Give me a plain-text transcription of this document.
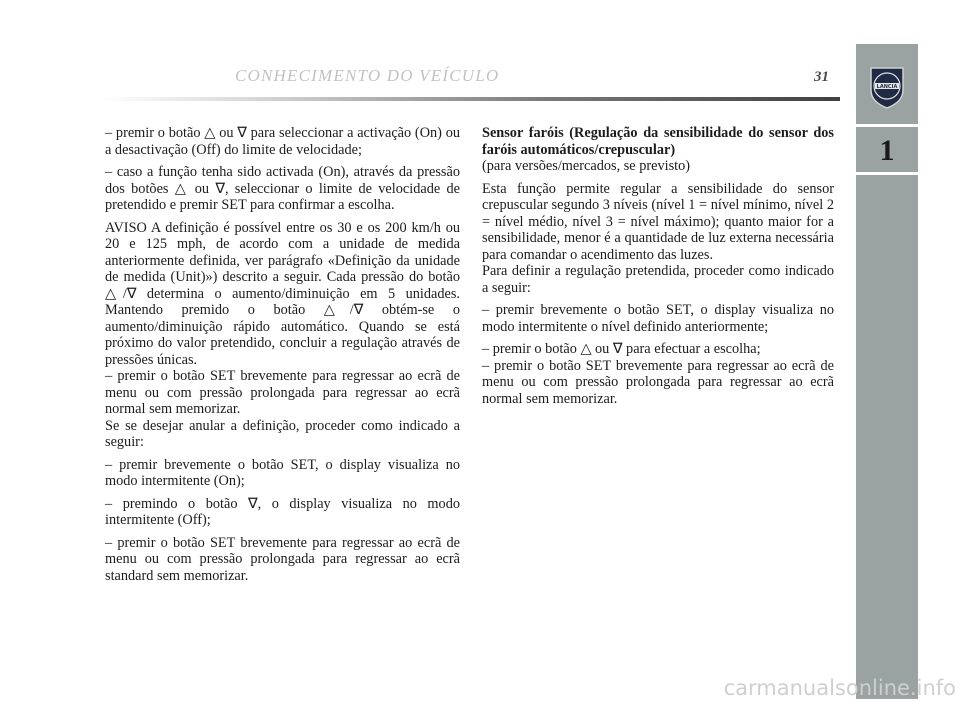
CONHECIMENTO DO VEÍCULO	31
LANCIA
1

– premir o botão △ ou ∇ para seleccionar a activação (On) ou a desactivação (Off) do limite de velocidade;

– caso a função tenha sido activada (On), através da pressão dos botões △ ou ∇, seleccionar o limite de velocidade de pretendido e premir SET para confirmar a escolha.

AVISO A definição é possível entre os 30 e os 200 km/h ou 20 e 125 mph, de acordo com a unidade de medida anteriormente definida, ver parágrafo «Definição da unidade de medida (Unit)») descrito a seguir. Cada pressão do botão △/∇ determina o aumento/diminuição em 5 unidades. Mantendo premido o botão △/∇ obtém-se o aumento/diminuição rápido automático. Quando se está próximo do valor pretendido, concluir a regulação através de pressões únicas.

– premir o botão SET brevemente para regressar ao ecrã de menu ou com pressão prolongada para regressar ao ecrã normal sem memorizar.

Se se desejar anular a definição, proceder como indicado a seguir:

– premir brevemente o botão SET, o display visualiza no modo intermitente (On);

– premindo o botão ∇, o display visualiza no modo intermitente (Off);

– premir o botão SET brevemente para regressar ao ecrã de menu ou com pressão prolongada para regressar ao ecrã standard sem memorizar.

Sensor faróis (Regulação da sensibilidade do sensor dos faróis automáticos/crepuscular)

(para versões/mercados, se previsto)

Esta função permite regular a sensibilidade do sensor crepuscular segundo 3 níveis (nível 1 = nível mínimo, nível 2 = nível médio, nível 3 = nível máximo); quanto maior for a sensibilidade, menor é a quantidade de luz externa necessária para comandar o acendimento das luzes.

Para definir a regulação pretendida, proceder como indicado a seguir:

– premir brevemente o botão SET, o display visualiza no modo intermitente o nível definido anteriormente;

– premir o botão △ ou ∇ para efectuar a escolha;

– premir o botão SET brevemente para regressar ao ecrã de menu ou com pressão prolongada para regressar ao ecrã normal sem memorizar.

carmanualsonline.info
